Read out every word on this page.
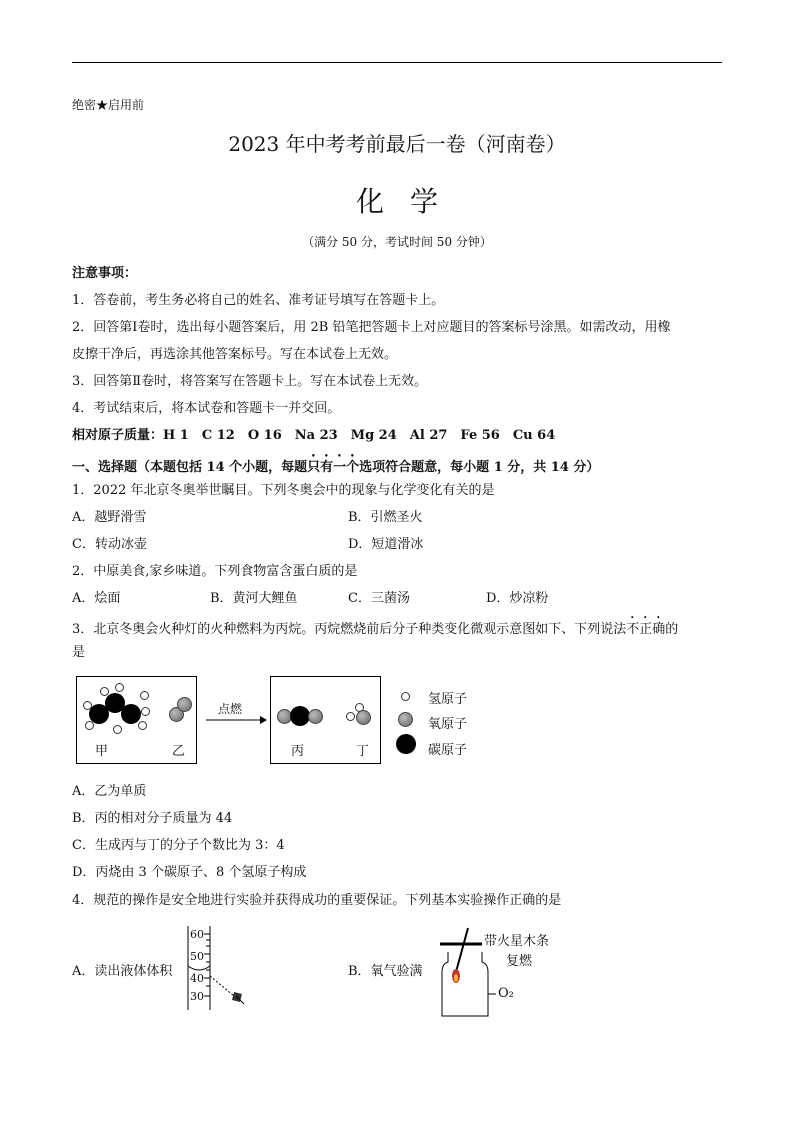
绝密★启用前
2023 年中考考前最后一卷（河南卷）
化学
（满分 50 分，考试时间 50 分钟）
注意事项：
1．答卷前，考生务必将自己的姓名、准考证号填写在答题卡上。
2．回答第Ⅰ卷时，选出每小题答案后，用 2B 铅笔把答题卡上对应题目的答案标号涂黑。如需改动，用橡
皮擦干净后，再选涂其他答案标号。写在本试卷上无效。
3．回答第Ⅱ卷时，将答案写在答题卡上。写在本试卷上无效。
4．考试结束后，将本试卷和答题卡一并交回。
相对原子质量：H 1　C 12　O 16　Na 23　Mg 24　Al 27　Fe 56　Cu 64
一、选择题（本题包括 14 个小题，每题只有一个选项符合题意，每小题 1 分，共 14 分）
1．2022 年北京冬奥举世瞩目。下列冬奥会中的现象与化学变化有关的是
A．越野滑雪	B．引燃圣火
C．转动冰壶	D．短道滑冰
2．中原美食,家乡味道。下列食物富含蛋白质的是
A．烩面	B．黄河大鲤鱼	C．三菌汤	D．炒凉粉
3．北京冬奥会火种灯的火种燃料为丙烷。丙烷燃烧前后分子种类变化微观示意图如下、下列说法不正确的
是
甲	乙
点燃
丙	丁
氢原子
氧原子
碳原子
A．乙为单质
B．丙的相对分子质量为 44
C．生成丙与丁的分子个数比为 3：4
D．丙烧由 3 个碳原子、8 个氢原子构成
4．规范的操作是安全地进行实验并获得成功的重要保证。下列基本实验操作正确的是
A．读出液体体积
60
50
40
30
B．氧气验满
带火星木条
复燃
O₂
